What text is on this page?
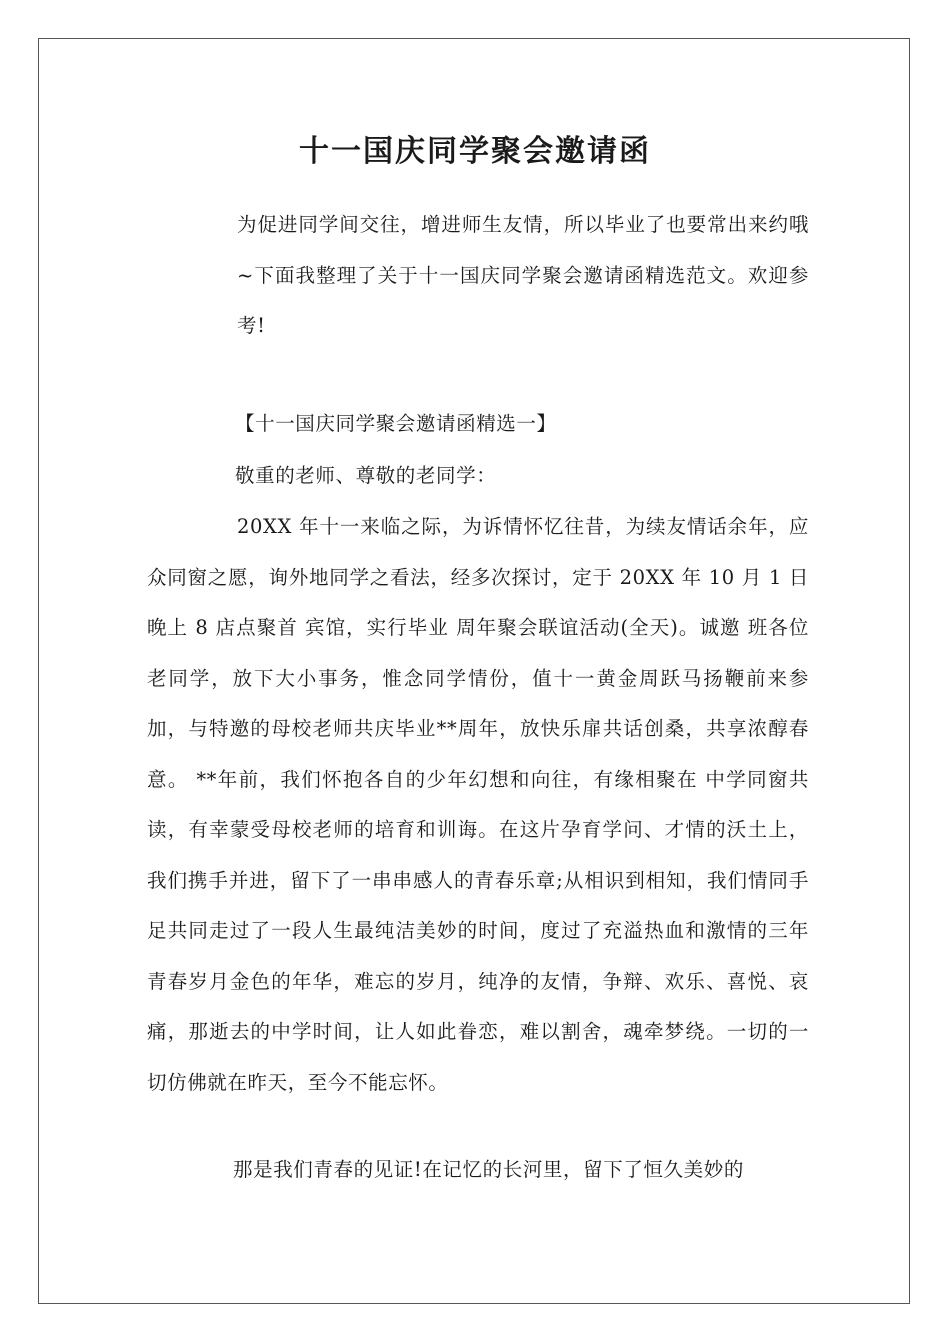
十一国庆同学聚会邀请函

为促进同学间交往，增进师生友情，所以毕业了也要常出来约哦~下面我整理了关于十一国庆同学聚会邀请函精选范文。欢迎参考!

【十一国庆同学聚会邀请函精选一】
敬重的老师、尊敬的老同学：

20XX 年十一来临之际，为诉情怀忆往昔，为续友情话余年，应众同窗之愿，询外地同学之看法，经多次探讨，定于 20XX 年 10 月 1 日晚上 8 店点聚首 宾馆，实行毕业 周年聚会联谊活动(全天)。诚邀 班各位老同学，放下大小事务，惟念同学情份，值十一黄金周跃马扬鞭前来参加，与特邀的母校老师共庆毕业**周年，放快乐扉共话创桑，共享浓醇春意。 **年前，我们怀抱各自的少年幻想和向往，有缘相聚在 中学同窗共读，有幸蒙受母校老师的培育和训诲。在这片孕育学问、才情的沃土上，我们携手并进，留下了一串串感人的青春乐章;从相识到相知，我们情同手足共同走过了一段人生最纯洁美妙的时间，度过了充溢热血和激情的三年青春岁月金色的年华，难忘的岁月，纯净的友情，争辩、欢乐、喜悦、哀痛，那逝去的中学时间，让人如此眷恋，难以割舍，魂牵梦绕。一切的一切仿佛就在昨天，至今不能忘怀。

那是我们青春的见证!在记忆的长河里，留下了恒久美妙的
